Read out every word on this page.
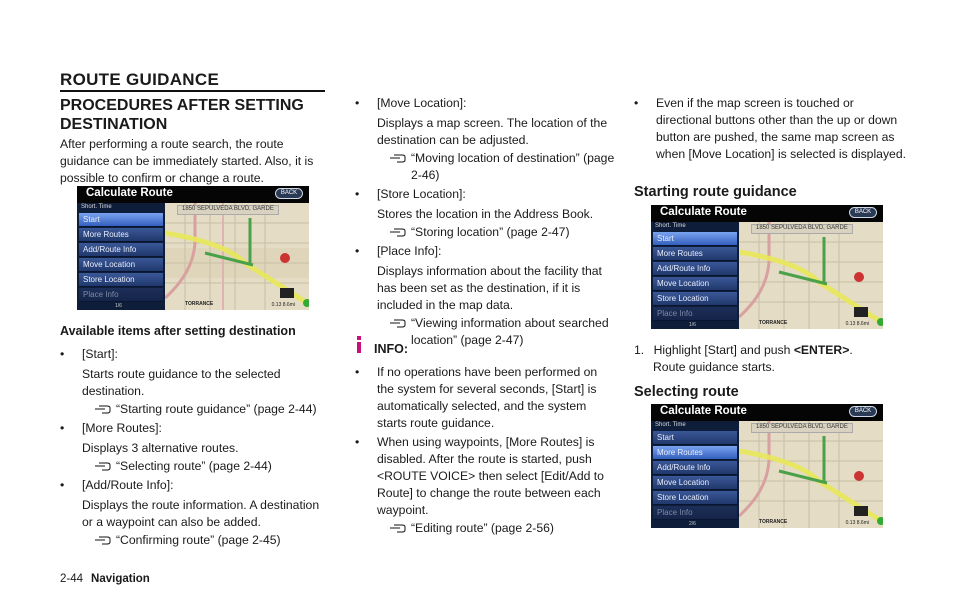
ROUTE GUIDANCE
PROCEDURES AFTER SETTING DESTINATION

After performing a route search, the route guidance can be immediately started. Also, it is possible to confirm or change a route.

Calculate Route	BACK
1850 SEPULVEDA BLVD, GARDE
TORRANCE	0.13 8.6mi
Short. Time
Start
More Routes
Add/Route Info
Move Location
Store Location
Place Info
1/6
Available items after setting destination
• [Start]:
Starts route guidance to the selected destination.
“Starting route guidance” (page 2-44)
• [More Routes]:
Displays 3 alternative routes.
“Selecting route” (page 2-44)
• [Add/Route Info]:
Displays the route information. A destination or a waypoint can also be added.
“Confirming route” (page 2-45)
• [Move Location]:
Displays a map screen. The location of the destination can be adjusted.
“Moving location of destination” (page 2-46)
• [Store Location]:
Stores the location in the Address Book.
“Storing location” (page 2-47)
• [Place Info]:
Displays information about the facility that has been set as the destination, if it is included in the map data.
“Viewing information about searched location” (page 2-47)
INFO:
• If no operations have been performed on the system for several seconds, [Start] is automatically selected, and the system starts route guidance.
• When using waypoints, [More Routes] is disabled. After the route is started, push <ROUTE VOICE> then select [Edit/Add to Route] to change the route between each waypoint.
“Editing route” (page 2-56)
• Even if the map screen is touched or directional buttons other than the up or down button are pushed, the same map screen as when [Move Location] is selected is displayed.
Starting route guidance
Calculate Route	BACK
1850 SEPULVEDA BLVD, GARDE
TORRANCE	0.13 8.6mi
Short. Time
Start
More Routes
Add/Route Info
Move Location
Store Location
Place Info
1/6
1. Highlight [Start] and push <ENTER>.
Route guidance starts.
Selecting route
Calculate Route	BACK
1850 SEPULVEDA BLVD, GARDE
TORRANCE	0.13 8.6mi
Short. Time
Start
More Routes
Add/Route Info
Move Location
Store Location
Place Info
2/6
2-44 Navigation
